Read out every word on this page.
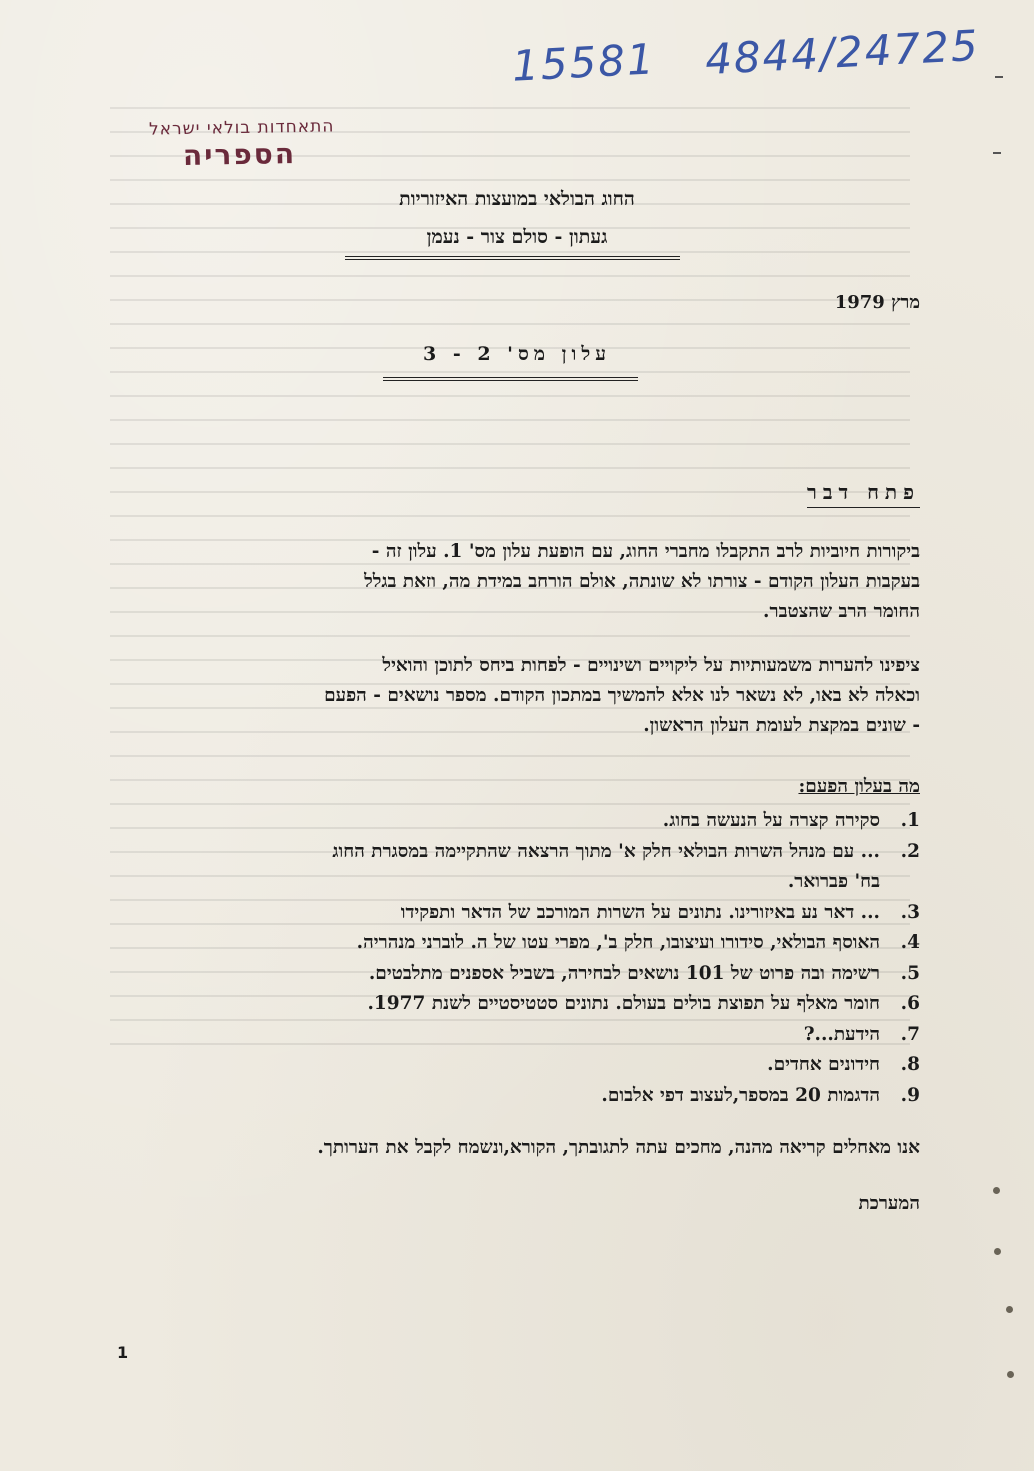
15581 4844/24725
התאחדות בולאי ישראל
הספריה
החוג הבולאי במועצות האיזוריות
געתון - סולם צור - נעמן
מרץ 1979
עלון מס' 2 - 3
פתח דבר
ביקורות חיוביות לרב התקבלו מחברי החוג, עם הופעת עלון מס' 1. עלון זה -
בעקבות העלון הקודם - צורתו לא שונתה, אולם הורחב במידת מה, וזאת בגלל
החומר הרב שהצטבר.
ציפינו להערות משמעותיות על ליקויים ושינויים - לפחות ביחס לתוכן והואיל
וכאלה לא באו, לא נשאר לנו אלא להמשיך במתכון הקודם. מספר נושאים - הפעם
- שונים במקצת לעומת העלון הראשון.
מה בעלון הפעם:
1.
סקירה קצרה על הנעשה בחוג.
2.
... עם מנהל השרות הבולאי חלק א' מתוך הרצאה שהתקיימה במסגרת החוג
בח' פברואר.
3.
... דאר נע באיזורינו. נתונים על השרות המורכב של הדאר ותפקידו
4.
האוסף הבולאי, סידורו ועיצובו, חלק ב', מפרי עטו של ה. לוברני מנהריה.
5.
רשימה ובה פרוט של 101 נושאים לבחירה, בשביל אספנים מתלבטים.
6.
חומר מאלף על תפוצת בולים בעולם. נתונים סטטיסטיים לשנת 1977.
7.
הידעת...?
8.
חידונים אחדים.
9.
הדגמות 20 במספר,לעצוב דפי אלבום.
אנו מאחלים קריאה מהנה, מחכים עתה לתגובתך, הקורא,ונשמח לקבל את הערותך.
המערכת
1
